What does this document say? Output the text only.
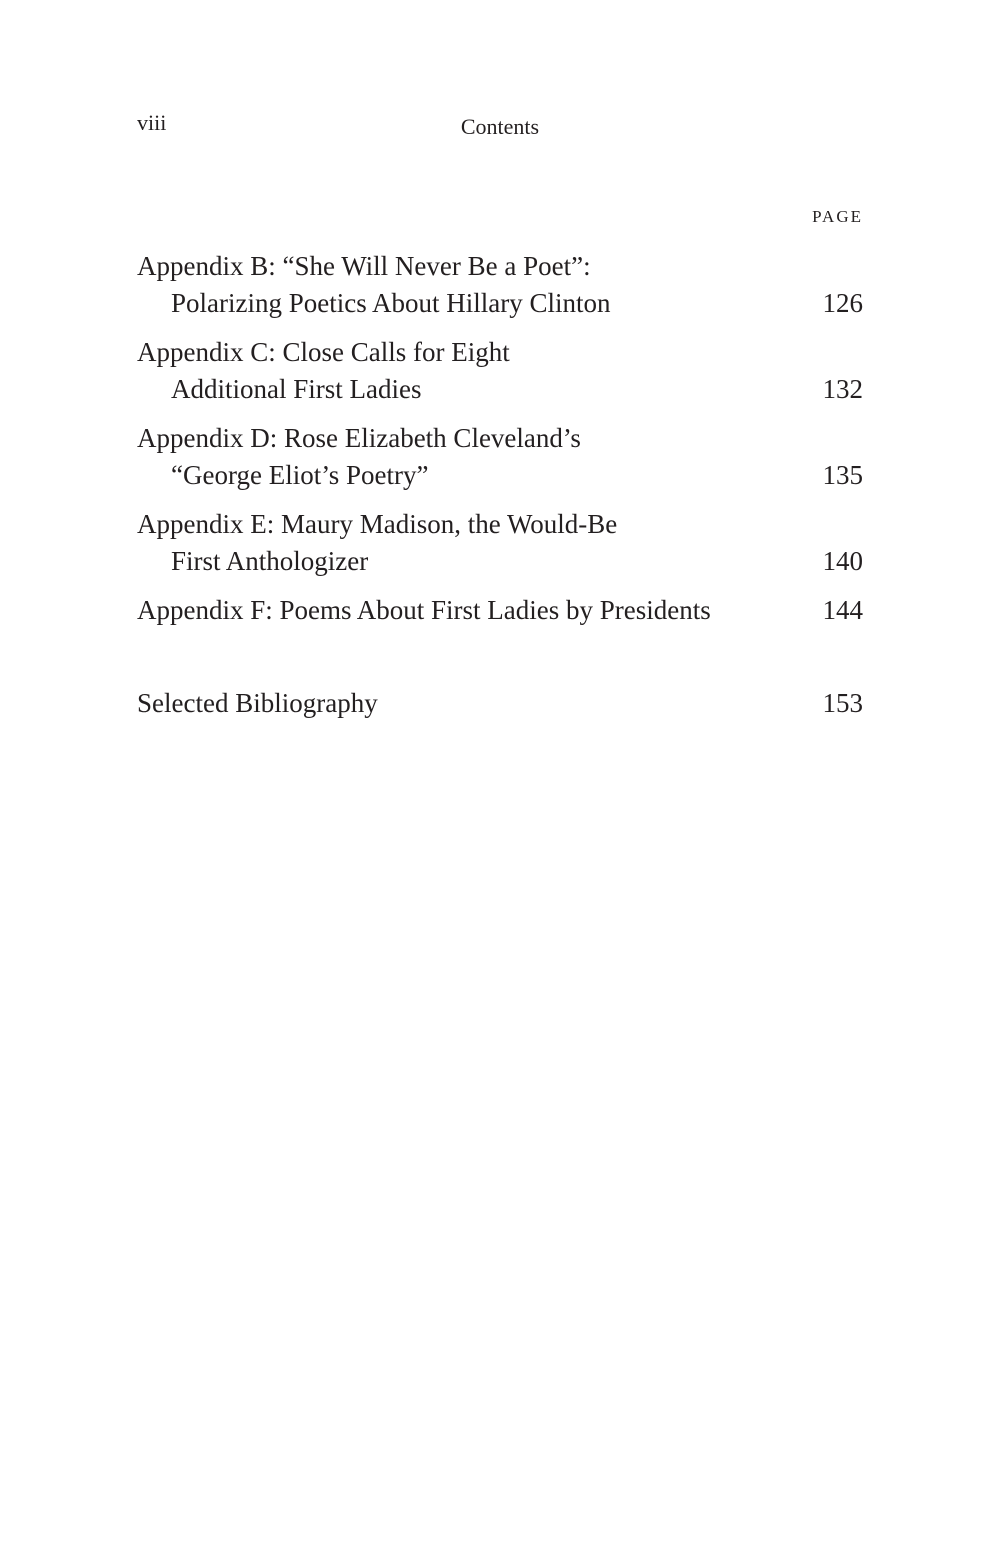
viii	Contents
PAGE
Appendix B: “She Will Never Be a Poet”:
Polarizing Poetics About Hillary Clinton	126
Appendix C: Close Calls for Eight
Additional First Ladies	132
Appendix D: Rose Elizabeth Cleveland’s
“George Eliot’s Poetry”	135
Appendix E: Maury Madison, the Would-Be
First Anthologizer	140
Appendix F: Poems About First Ladies by Presidents	144
Selected Bibliography	153
